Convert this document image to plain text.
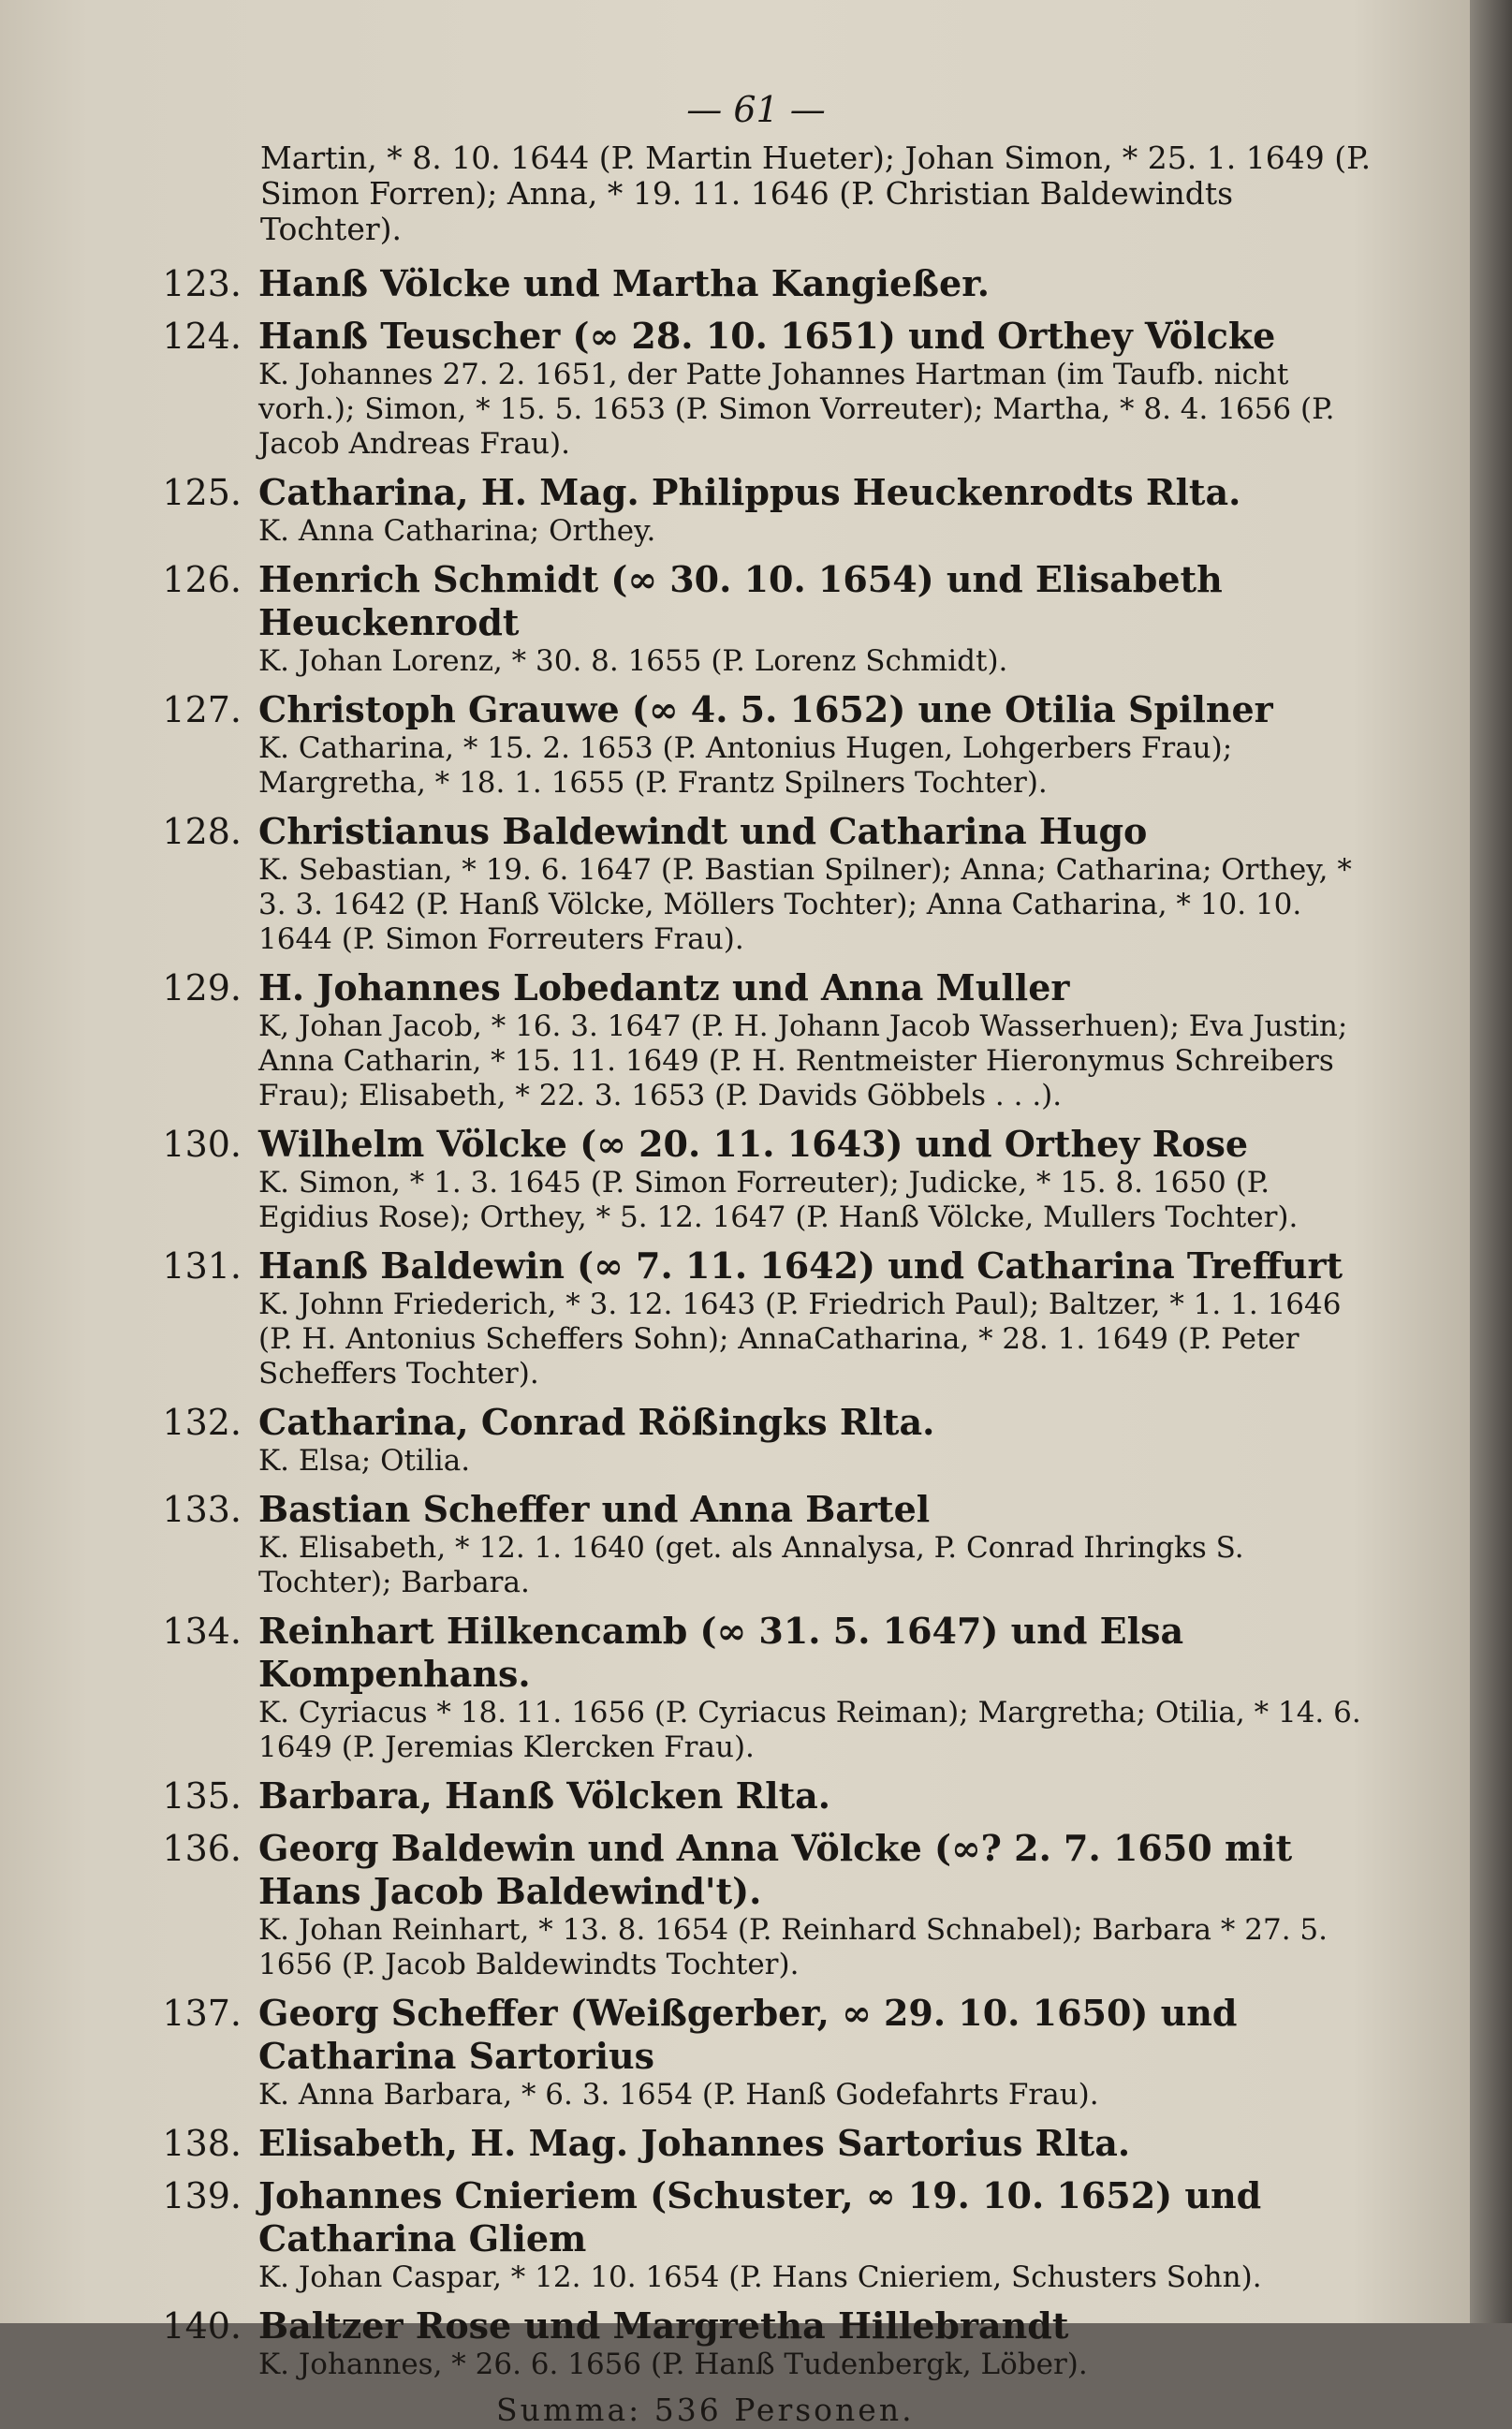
— 61 —
Martin, * 8. 10. 1644 (P. Martin Hueter); Johan Simon, * 25. 1. 1649 (P. Simon Forren); Anna, * 19. 11. 1646 (P. Christian Baldewindts Tochter).
123. Hanß Völcke und Martha Kangießer.
124. Hanß Teuscher (∞ 28. 10. 1651) und Orthey Völcke
K. Johannes 27. 2. 1651, der Patte Johannes Hartman (im Taufb. nicht vorh.); Simon, * 15. 5. 1653 (P. Simon Vorreuter); Martha, * 8. 4. 1656 (P. Jacob Andreas Frau).
125. Catharina, H. Mag. Philippus Heuckenrodts Rlta.
K. Anna Catharina; Orthey.
126. Henrich Schmidt (∞ 30. 10. 1654) und Elisabeth Heuckenrodt
K. Johan Lorenz, * 30. 8. 1655 (P. Lorenz Schmidt).
127. Christoph Grauwe (∞ 4. 5. 1652) une Otilia Spilner
K. Catharina, * 15. 2. 1653 (P. Antonius Hugen, Lohgerbers Frau); Margretha, * 18. 1. 1655 (P. Frantz Spilners Tochter).
128. Christianus Baldewindt und Catharina Hugo
K. Sebastian, * 19. 6. 1647 (P. Bastian Spilner); Anna; Catharina; Orthey, * 3. 3. 1642 (P. Hanß Völcke, Möllers Tochter); Anna Catharina, * 10. 10. 1644 (P. Simon Forreuters Frau).
129. H. Johannes Lobedantz und Anna Muller
K, Johan Jacob, * 16. 3. 1647 (P. H. Johann Jacob Wasserhuen); Eva Justin; Anna Catharin, * 15. 11. 1649 (P. H. Rentmeister Hieronymus Schreibers Frau); Elisabeth, * 22. 3. 1653 (P. Davids Göbbels . . .).
130. Wilhelm Völcke (∞ 20. 11. 1643) und Orthey Rose
K. Simon, * 1. 3. 1645 (P. Simon Forreuter); Judicke, * 15. 8. 1650 (P. Egidius Rose); Orthey, * 5. 12. 1647 (P. Hanß Völcke, Mullers Tochter).
131. Hanß Baldewin (∞ 7. 11. 1642) und Catharina Treffurt
K. Johnn Friederich, * 3. 12. 1643 (P. Friedrich Paul); Baltzer, * 1. 1. 1646 (P. H. Antonius Scheffers Sohn); AnnaCatharina, * 28. 1. 1649 (P. Peter Scheffers Tochter).
132. Catharina, Conrad Rößingks Rlta.
K. Elsa; Otilia.
133. Bastian Scheffer und Anna Bartel
K. Elisabeth, * 12. 1. 1640 (get. als Annalysa, P. Conrad Ihringks S. Tochter); Barbara.
134. Reinhart Hilkencamb (∞ 31. 5. 1647) und Elsa Kompenhans.
K. Cyriacus * 18. 11. 1656 (P. Cyriacus Reiman); Margretha; Otilia, * 14. 6. 1649 (P. Jeremias Klercken Frau).
135. Barbara, Hanß Völcken Rlta.
136. Georg Baldewin und Anna Völcke (∞? 2. 7. 1650 mit Hans Jacob Baldewind't).
K. Johan Reinhart, * 13. 8. 1654 (P. Reinhard Schnabel); Barbara * 27. 5. 1656 (P. Jacob Baldewindts Tochter).
137. Georg Scheffer (Weißgerber, ∞ 29. 10. 1650) und Catharina Sartorius
K. Anna Barbara, * 6. 3. 1654 (P. Hanß Godefahrts Frau).
138. Elisabeth, H. Mag. Johannes Sartorius Rlta.
139. Johannes Cnieriem (Schuster, ∞ 19. 10. 1652) und Catharina Gliem
K. Johan Caspar, * 12. 10. 1654 (P. Hans Cnieriem, Schusters Sohn).
140. Baltzer Rose und Margretha Hillebrandt
K. Johannes, * 26. 6. 1656 (P. Hanß Tudenbergk, Löber).
Summa: 536 Personen.
